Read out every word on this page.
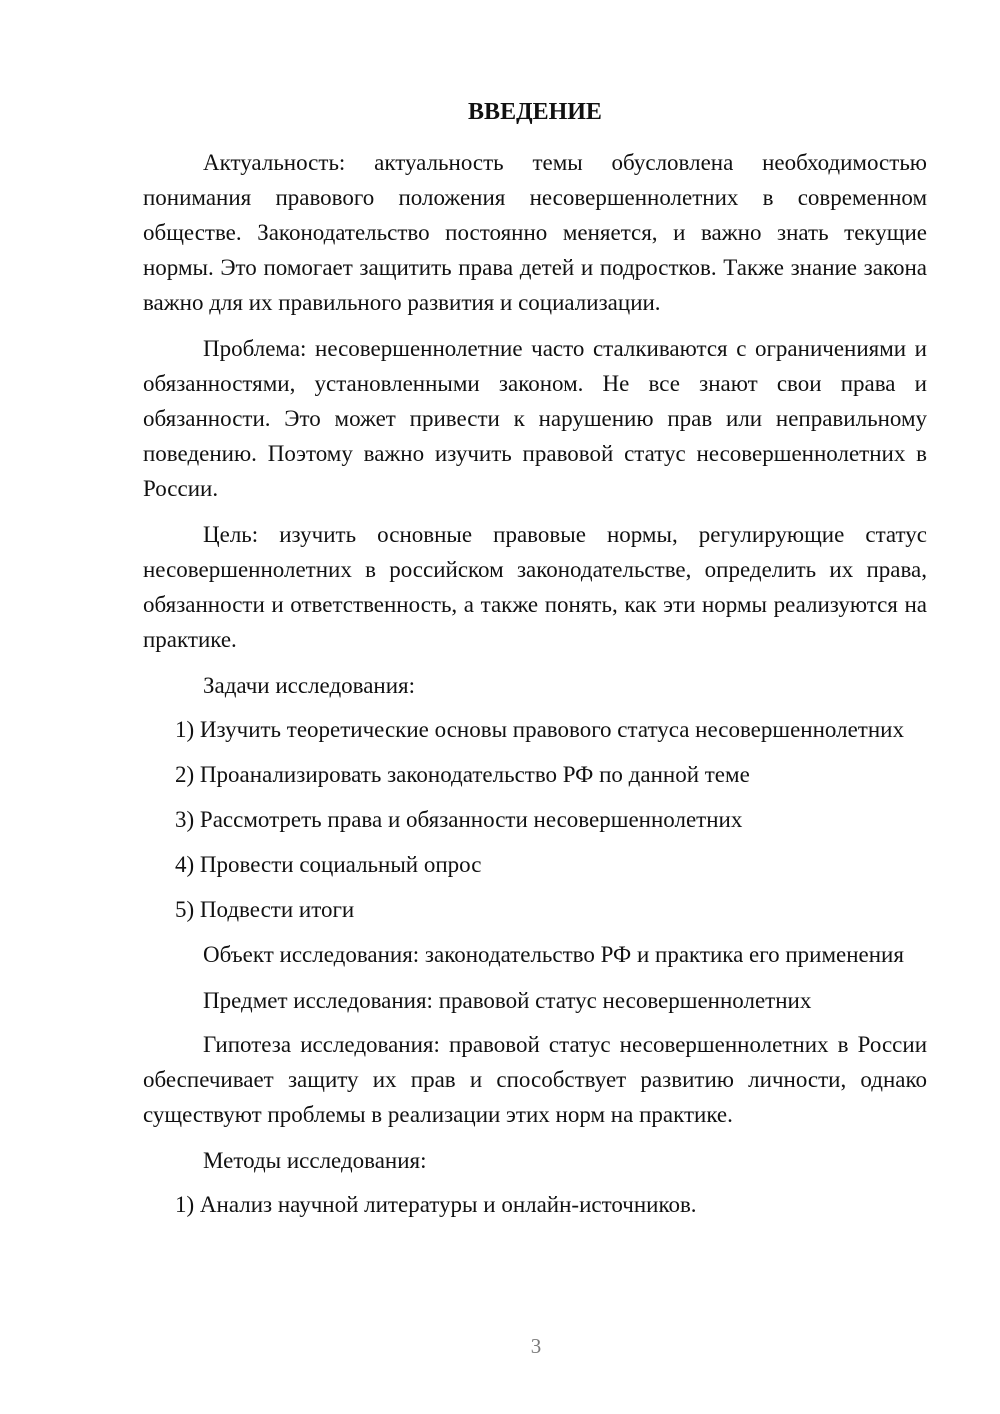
ВВЕДЕНИЕ
Актуальность: актуальность темы обусловлена необходимостью понимания правового положения несовершеннолетних в современном обществе. Законодательство постоянно меняется, и важно знать текущие нормы. Это помогает защитить права детей и подростков. Также знание закона важно для их правильного развития и социализации.
Проблема: несовершеннолетние часто сталкиваются с ограничениями и обязанностями, установленными законом. Не все знают свои права и обязанности. Это может привести к нарушению прав или неправильному поведению. Поэтому важно изучить правовой статус несовершеннолетних в России.
Цель: изучить основные правовые нормы, регулирующие статус несовершеннолетних в российском законодательстве, определить их права, обязанности и ответственность, а также понять, как эти нормы реализуются на практике.
Задачи исследования:
1) Изучить теоретические основы правового статуса несовершеннолетних
2) Проанализировать законодательство РФ по данной теме
3) Рассмотреть права и обязанности несовершеннолетних
4) Провести социальный опрос
5) Подвести итоги
Объект исследования: законодательство РФ и практика его применения
Предмет исследования: правовой статус несовершеннолетних
Гипотеза исследования: правовой статус несовершеннолетних в России обеспечивает защиту их прав и способствует развитию личности, однако существуют проблемы в реализации этих норм на практике.
Методы исследования:
1) Анализ научной литературы и онлайн-источников.
3
